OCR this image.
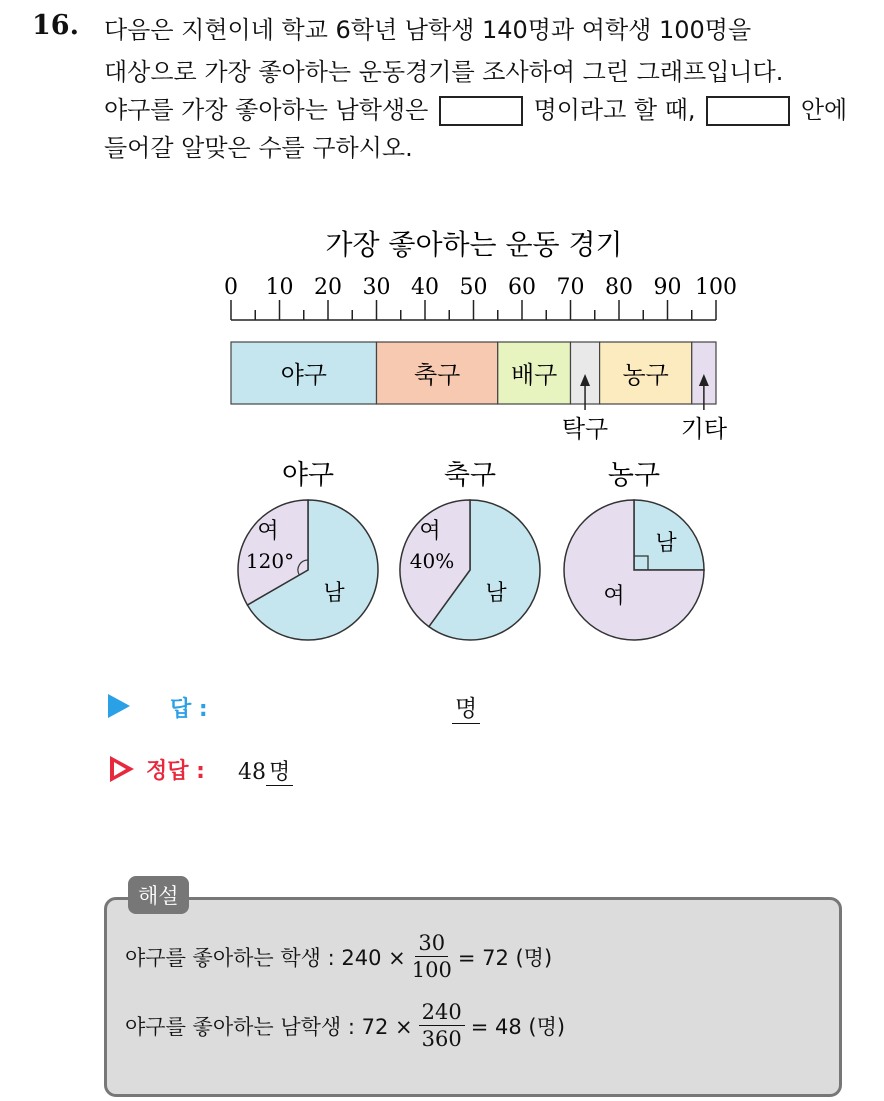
16. 다음은 지현이네 학교 6학년 남학생 140명과 여학생 100명을
대상으로 가장 좋아하는 운동경기를 조사하여 그린 그래프입니다.
야구를 가장 좋아하는 남학생은	명이라고 할 때,	안에
들어갈 알맞은 수를 구하시오.
가장 좋아하는 운동 경기
0 10 20 30 40 50 60 70 80 90 100
야구	축구 배구	농구
탁구	기타
야구
남
여
120°
축구
남
여
40%
농구
남
여
답 :	명
정답 : 48 명
해설
야구를 좋아하는 학생 : $240 \times \frac{30}{100} = 72$ (명)
야구를 좋아하는 남학생 : $72 \times \frac{240}{360} = 48$ (명)
